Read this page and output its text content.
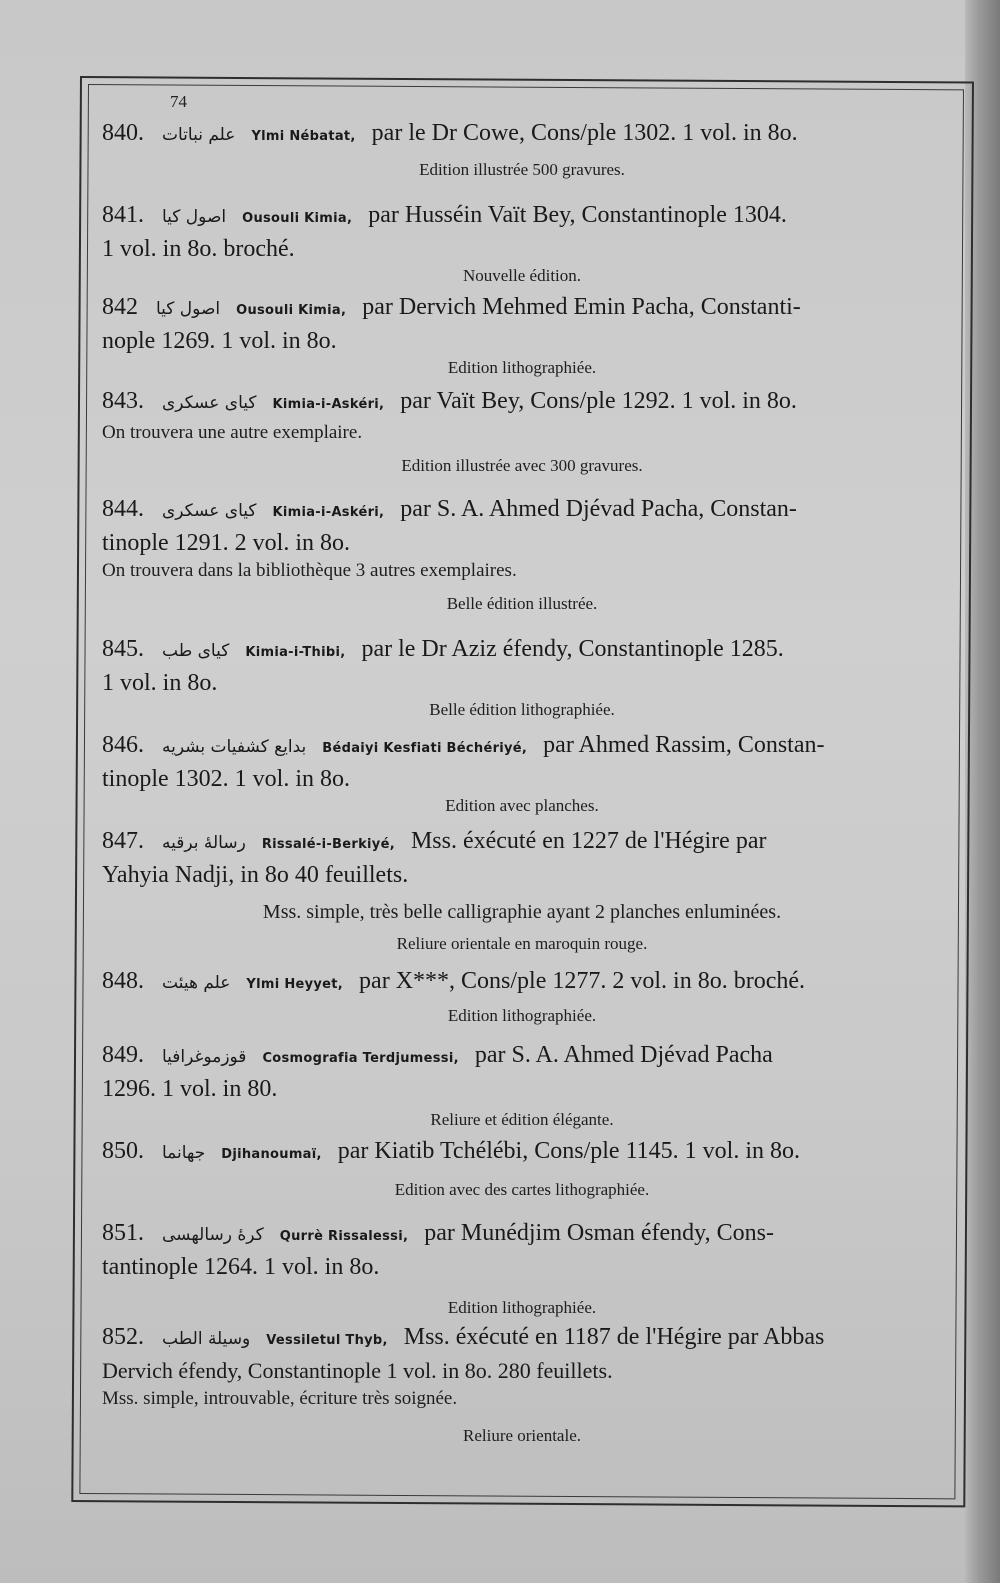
74
840. علم نباتات Ylmi Nébatat, par le Dr Cowe, Cons/ple 1302. 1 vol. in 8o.
Edition illustrée 500 gravures.
841. اصول كيا Ousouli Kimia, par Husséin Vaït Bey, Constantinople 1304.
1 vol. in 8o. broché.
Nouvelle édition.
842 اصول كيا Ousouli Kimia, par Dervich Mehmed Emin Pacha, Constanti-
nople 1269. 1 vol. in 8o.
Edition lithographiée.
843. كياى عسكرى Kimia-i-Askéri, par Vaït Bey, Cons/ple 1292. 1 vol. in 8o.
On trouvera une autre exemplaire.
Edition illustrée avec 300 gravures.
844. كياى عسكرى Kimia-i-Askéri, par S. A. Ahmed Djévad Pacha, Constan-
tinople 1291. 2 vol. in 8o.
On trouvera dans la bibliothèque 3 autres exemplaires.
Belle édition illustrée.
845. كياى طب Kimia-i-Thibi, par le Dr Aziz éfendy, Constantinople 1285.
1 vol. in 8o.
Belle édition lithographiée.
846. بدايع كشفيات بشريه Bédaiyi Kesfiati Béchériyé, par Ahmed Rassim, Constan-
tinople 1302. 1 vol. in 8o.
Edition avec planches.
847. رسالۀ برقيه Rissalé-i-Berkiyé, Mss. éxécuté en 1227 de l'Hégire par
Yahyia Nadji, in 8o 40 feuillets.
Mss. simple, très belle calligraphie ayant 2 planches enluminées.
Reliure orientale en maroquin rouge.
848. علم هيئت Ylmi Heyyet, par X***, Cons/ple 1277. 2 vol. in 8o. broché.
Edition lithographiée.
849. قوزموغرافيا Cosmografia Terdjumessi, par S. A. Ahmed Djévad Pacha
1296. 1 vol. in 80.
Reliure et édition élégante.
850. جهانما Djihanoumaï, par Kiatib Tchélébi, Cons/ple 1145. 1 vol. in 8o.
Edition avec des cartes lithographiée.
851. كرۀ رسالهسى Qurrè Rissalessi, par Munédjim Osman éfendy, Cons-
tantinople 1264. 1 vol. in 8o.
Edition lithographiée.
852. وسيلة الطب Vessiletul Thyb, Mss. éxécuté en 1187 de l'Hégire par Abbas
Dervich éfendy, Constantinople 1 vol. in 8o. 280 feuillets.
Mss. simple, introuvable, écriture très soignée.
Reliure orientale.
